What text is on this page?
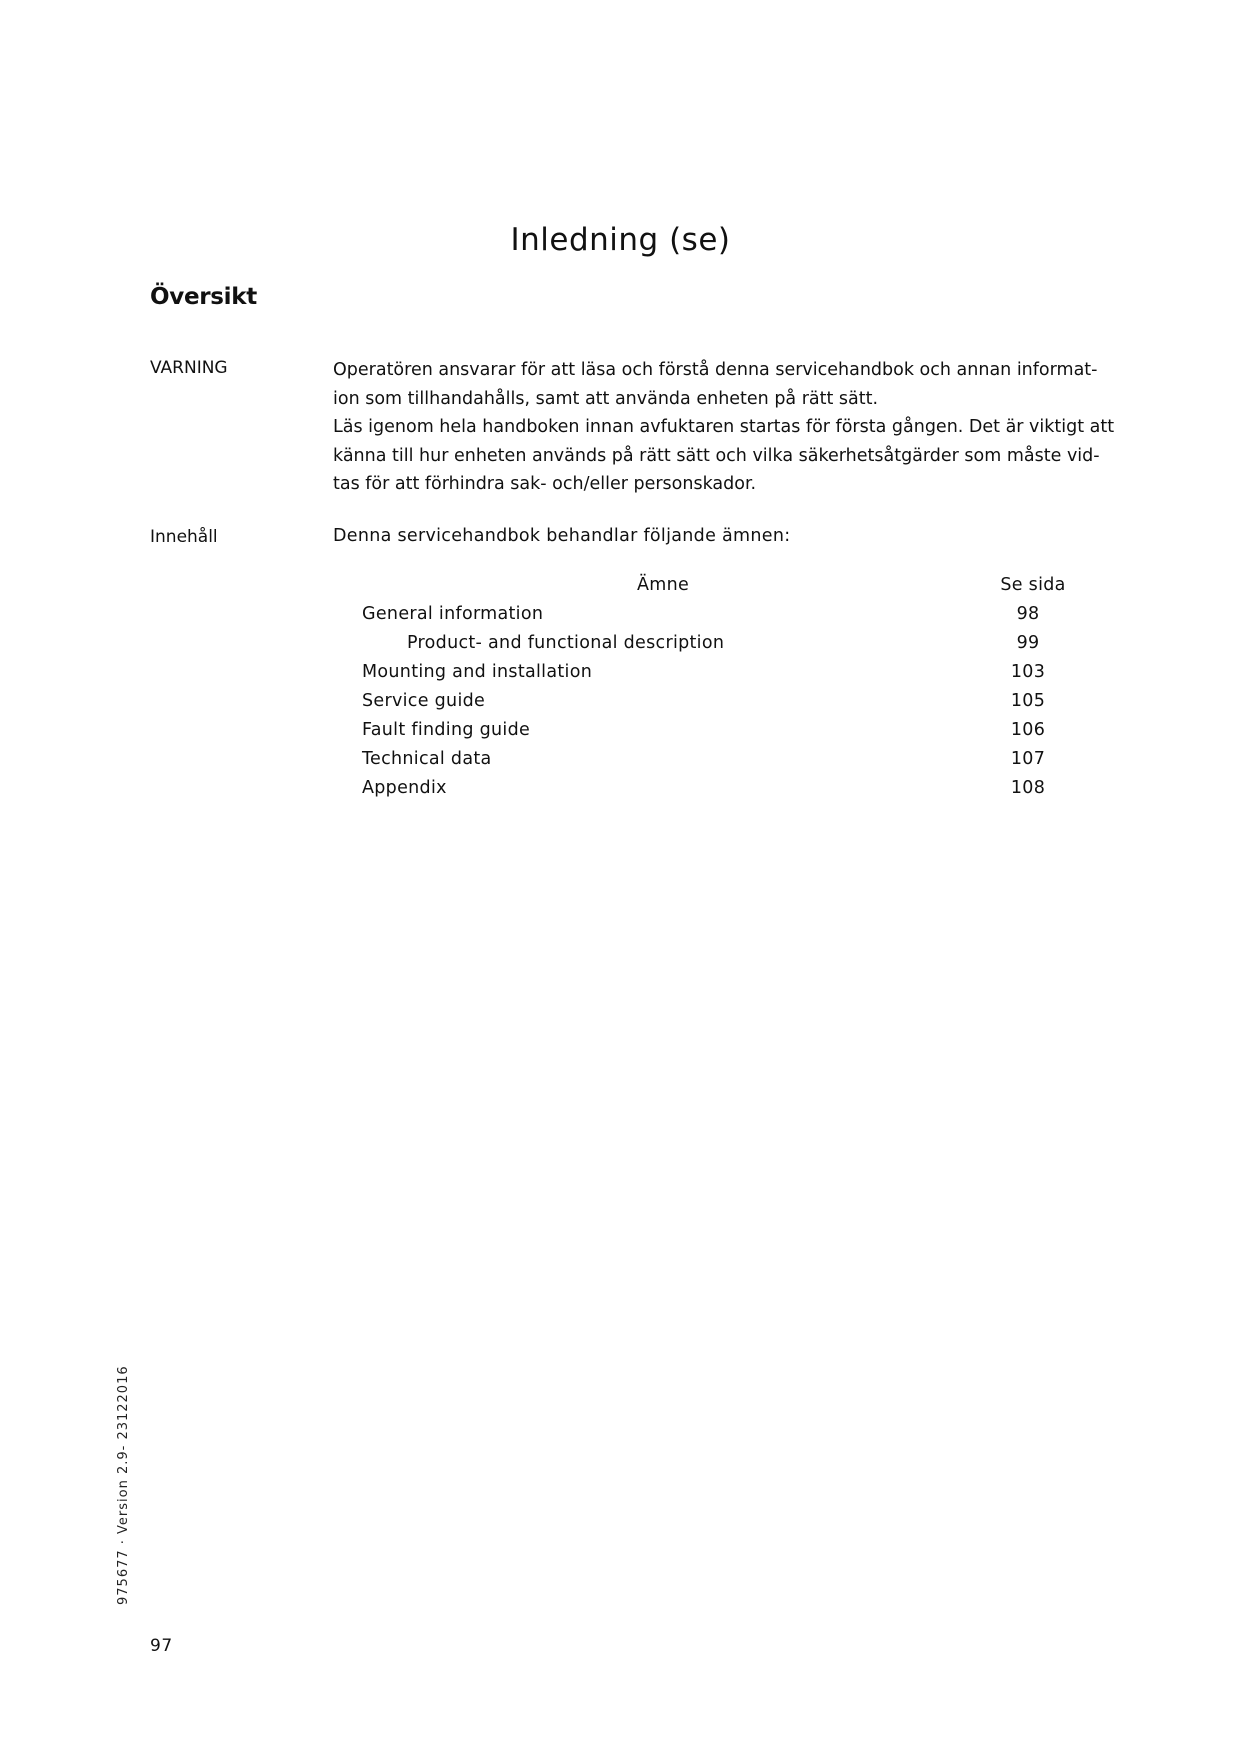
Inledning (se)
Översikt
VARNING	Operatören ansvarar för att läsa och förstå denna servicehandbok och annan informat-

ion som tillhandahålls, samt att använda enheten på rätt sätt.

Läs igenom hela handboken innan avfuktaren startas för första gången. Det är viktigt att

känna till hur enheten används på rätt sätt och vilka säkerhetsåtgärder som måste vid-

tas för att förhindra sak- och/eller personskador.

Innehåll	Denna servicehandbok behandlar följande ämnen:
Ämne	Se sida
General information	98
Product- and functional description	99
Mounting and installation	103
Service guide	105
Fault finding guide	106
Technical data	107
Appendix	108
975677 · Version 2.9- 23122016
97
